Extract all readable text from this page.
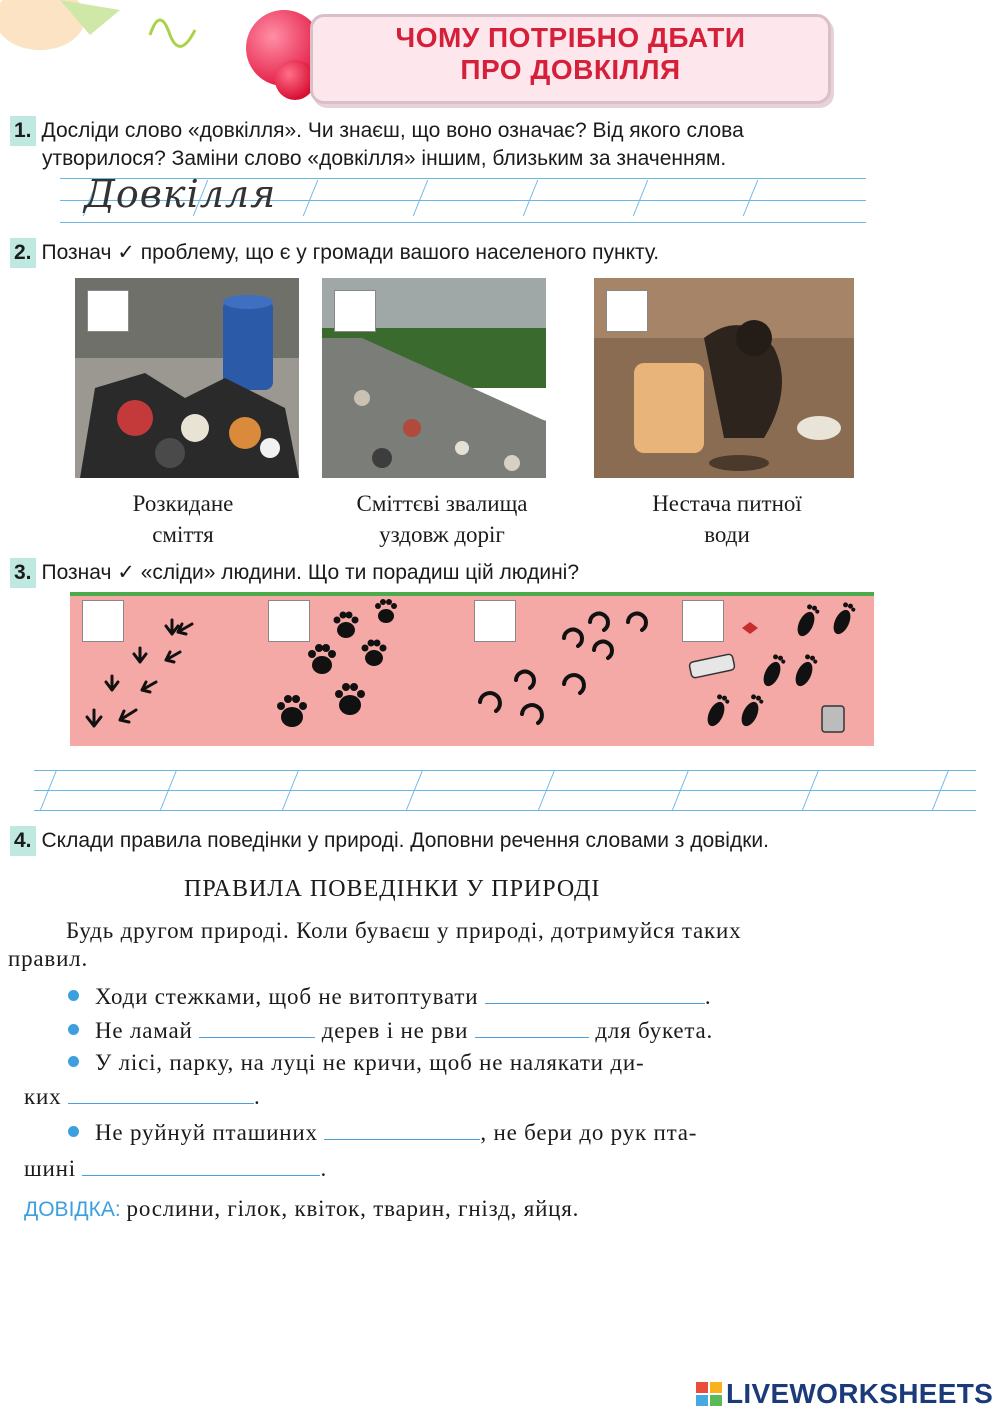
ЧОМУ ПОТРІБНО ДБАТИ
ПРО ДОВКІЛЛЯ
1. Досліди слово «довкілля». Чи знаєш, що воно означає? Від якого слова
утворилося? Заміни слово «довкілля» іншим, близьким за значенням.
Довкілля
2. Познач ✓ проблему, що є у громади вашого населеного пункту.
Розкидане
сміття
Сміттєві звалища
уздовж доріг
Нестача питної
води
3. Познач ✓ «сліди» людини. Що ти порадиш цій людині?
4. Склади правила поведінки у природі. Доповни речення словами з довідки.
ПРАВИЛА ПОВЕДІНКИ У ПРИРОДІ
Будь другом природі. Коли буваєш у природі, дотримуйся таких
правил.
Ходи стежками, щоб не витоптувати	.
Не ламай	дерев і не рви	для букета.
У лісі, парку, на луці не кричи, щоб не налякати ди-
ких	.
Не руйнуй пташиних	, не бери до рук пта-
шині	.
ДОВІДКА: рослини, гілок, квіток, тварин, гнізд, яйця.
LIVEWORKSHEETS
